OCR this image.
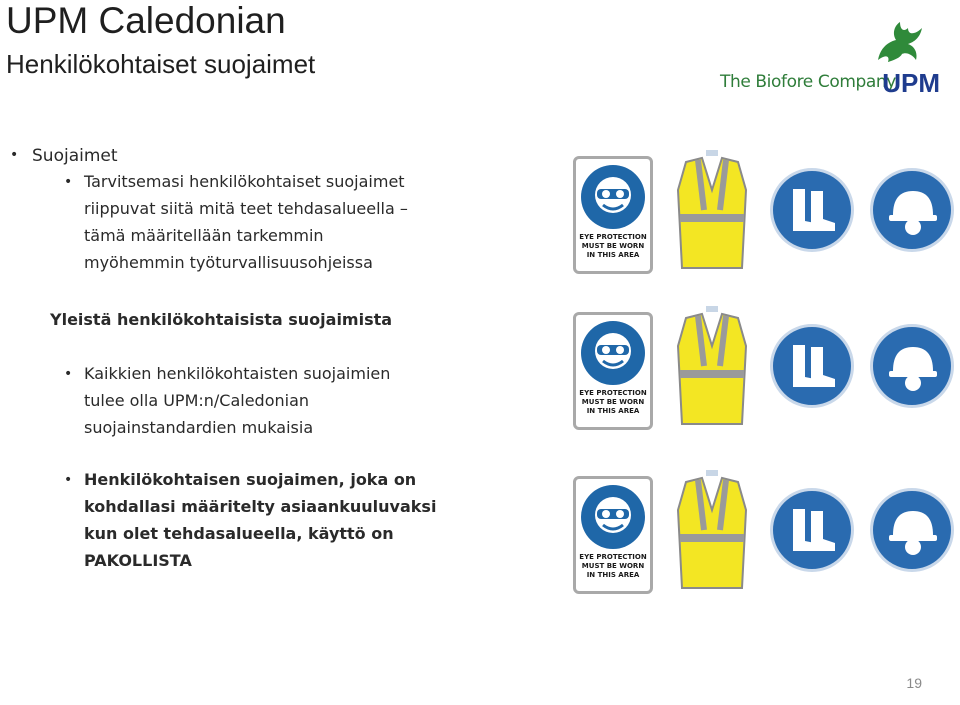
UPM Caledonian
Henkilökohtaiset suojaimet
The Biofore Company
UPM
• Suojaimet
• Tarvitsemasi henkilökohtaiset suojaimet
riippuvat siitä mitä teet tehdasalueella –
tämä määritellään tarkemmin
myöhemmin työturvallisuusohjeissa
Yleistä henkilökohtaisista suojaimista
• Kaikkien henkilökohtaisten suojaimien
tulee olla UPM:n/Caledonian
suojainstandardien mukaisia
• Henkilökohtaisen suojaimen, joka on
kohdallasi määritelty asiaankuuluvaksi
kun olet tehdasalueella, käyttö on
PAKOLLISTA
EYE PROTECTION
MUST BE WORN
IN THIS AREA
EYE PROTECTION
MUST BE WORN
IN THIS AREA
EYE PROTECTION
MUST BE WORN
IN THIS AREA
19
